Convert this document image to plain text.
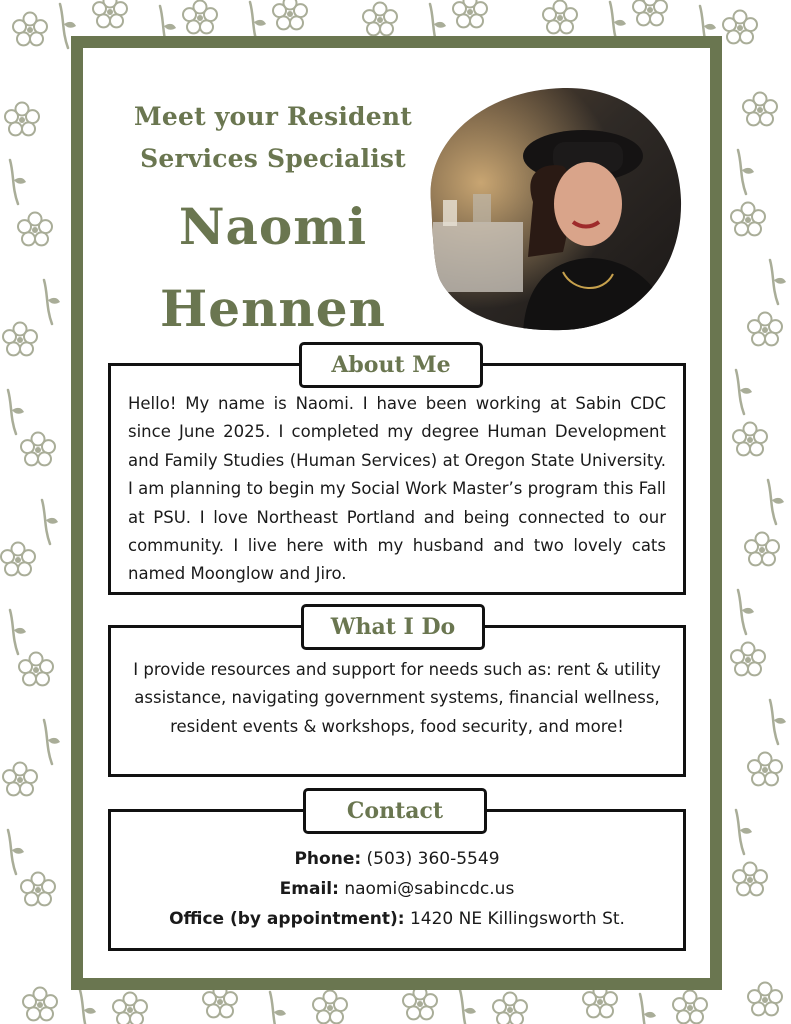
Meet your Resident
Services Specialist
Naomi
Hennen

Hello! My name is Naomi. I have been working at Sabin CDC since June 2025. I completed my degree Human Development and Family Studies (Human Services) at Oregon State University. I am planning to begin my Social Work Master’s program this Fall at PSU. I love Northeast Portland and being connected to our community. I live here with my husband and two lovely cats named Moonglow and Jiro.

About Me

I provide resources and support for needs such as: rent & utility assistance, navigating government systems, financial wellness, resident events & workshops, food security, and more!

What I Do
Phone: (503) 360-5549
Email: naomi@sabincdc.us
Office (by appointment): 1420 NE Killingsworth St.
Contact
